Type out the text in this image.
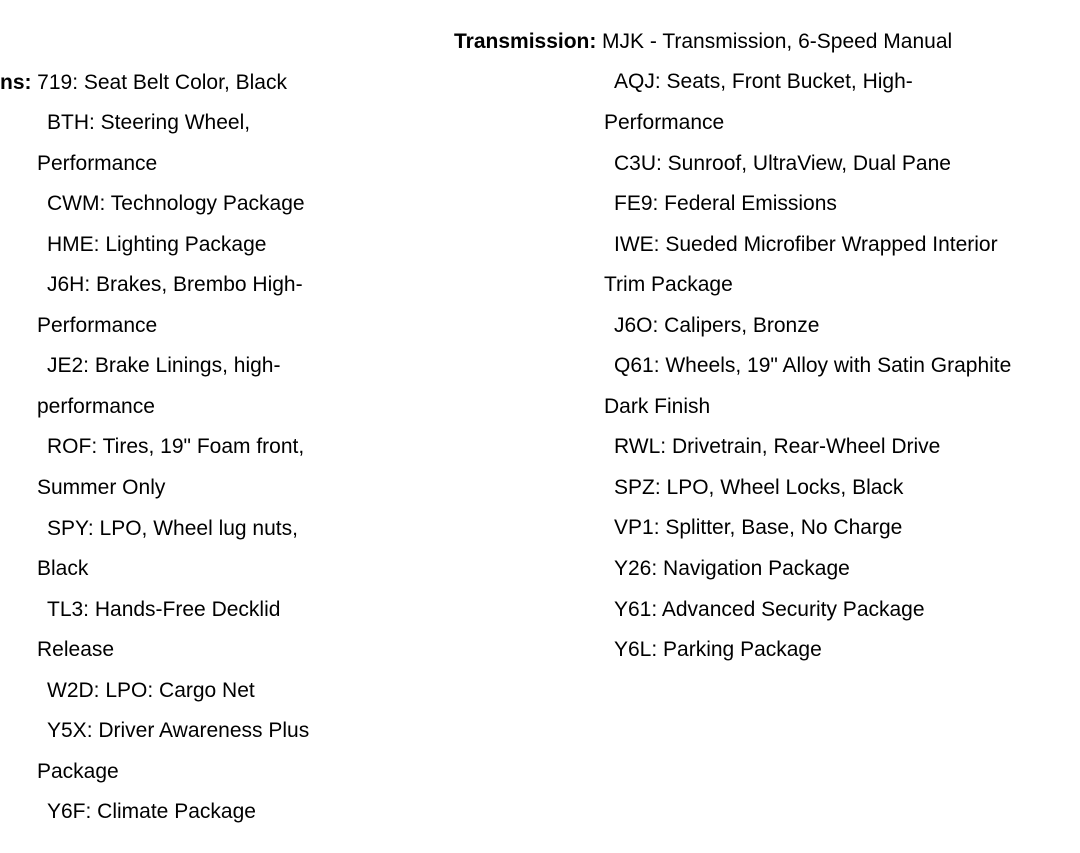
ns: 719: Seat Belt Color, Black
BTH: Steering Wheel,
Performance
CWM: Technology Package
HME: Lighting Package
J6H: Brakes, Brembo High-
Performance
JE2: Brake Linings, high-
performance
ROF: Tires, 19" Foam front,
Summer Only
SPY: LPO, Wheel lug nuts,
Black
TL3: Hands-Free Decklid
Release
W2D: LPO: Cargo Net
Y5X: Driver Awareness Plus
Package
Y6F: Climate Package
Transmission: MJK - Transmission, 6-Speed Manual
AQJ: Seats, Front Bucket, High-
Performance
C3U: Sunroof, UltraView, Dual Pane
FE9: Federal Emissions
IWE: Sueded Microfiber Wrapped Interior
Trim Package
J6O: Calipers, Bronze
Q61: Wheels, 19" Alloy with Satin Graphite
Dark Finish
RWL: Drivetrain, Rear-Wheel Drive
SPZ: LPO, Wheel Locks, Black
VP1: Splitter, Base, No Charge
Y26: Navigation Package
Y61: Advanced Security Package
Y6L: Parking Package
